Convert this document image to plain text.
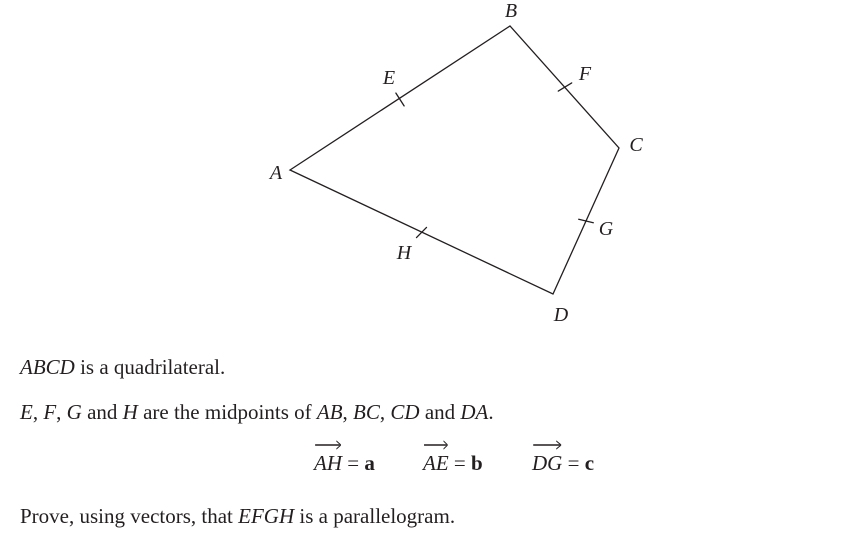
B
E	F
C
A
G
H
D
ABCD is a quadrilateral.
E, F, G and H are the midpoints of AB, BC, CD and DA.
AH = a AE = b DG = c
Prove, using vectors, that EFGH is a parallelogram.
